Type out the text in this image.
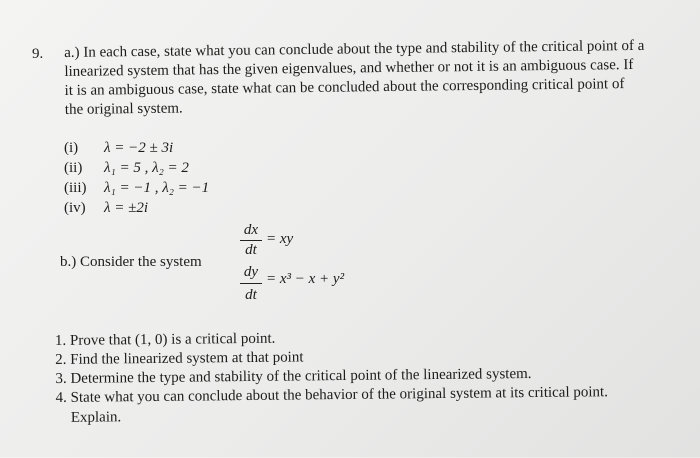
9. a.) In each case, state what you can conclude about the type and stability of the critical point of a
linearized system that has the given eigenvalues, and whether or not it is an ambiguous case. If
it is an ambiguous case, state what can be concluded about the corresponding critical point of
the original system.
(i) λ = −2 ± 3i
(ii) λ₁ = 5 , λ₂ = 2
(iii) λ₁ = −1 , λ₂ = −1
(iv) λ = ±2i
b.) Consider the system
dx
dt
= xy
dy
dt
= x³ − x + y²
1. Prove that (1, 0) is a critical point.
2. Find the linearized system at that point
3. Determine the type and stability of the critical point of the linearized system.
4. State what you can conclude about the behavior of the original system at its critical point.
Explain.
